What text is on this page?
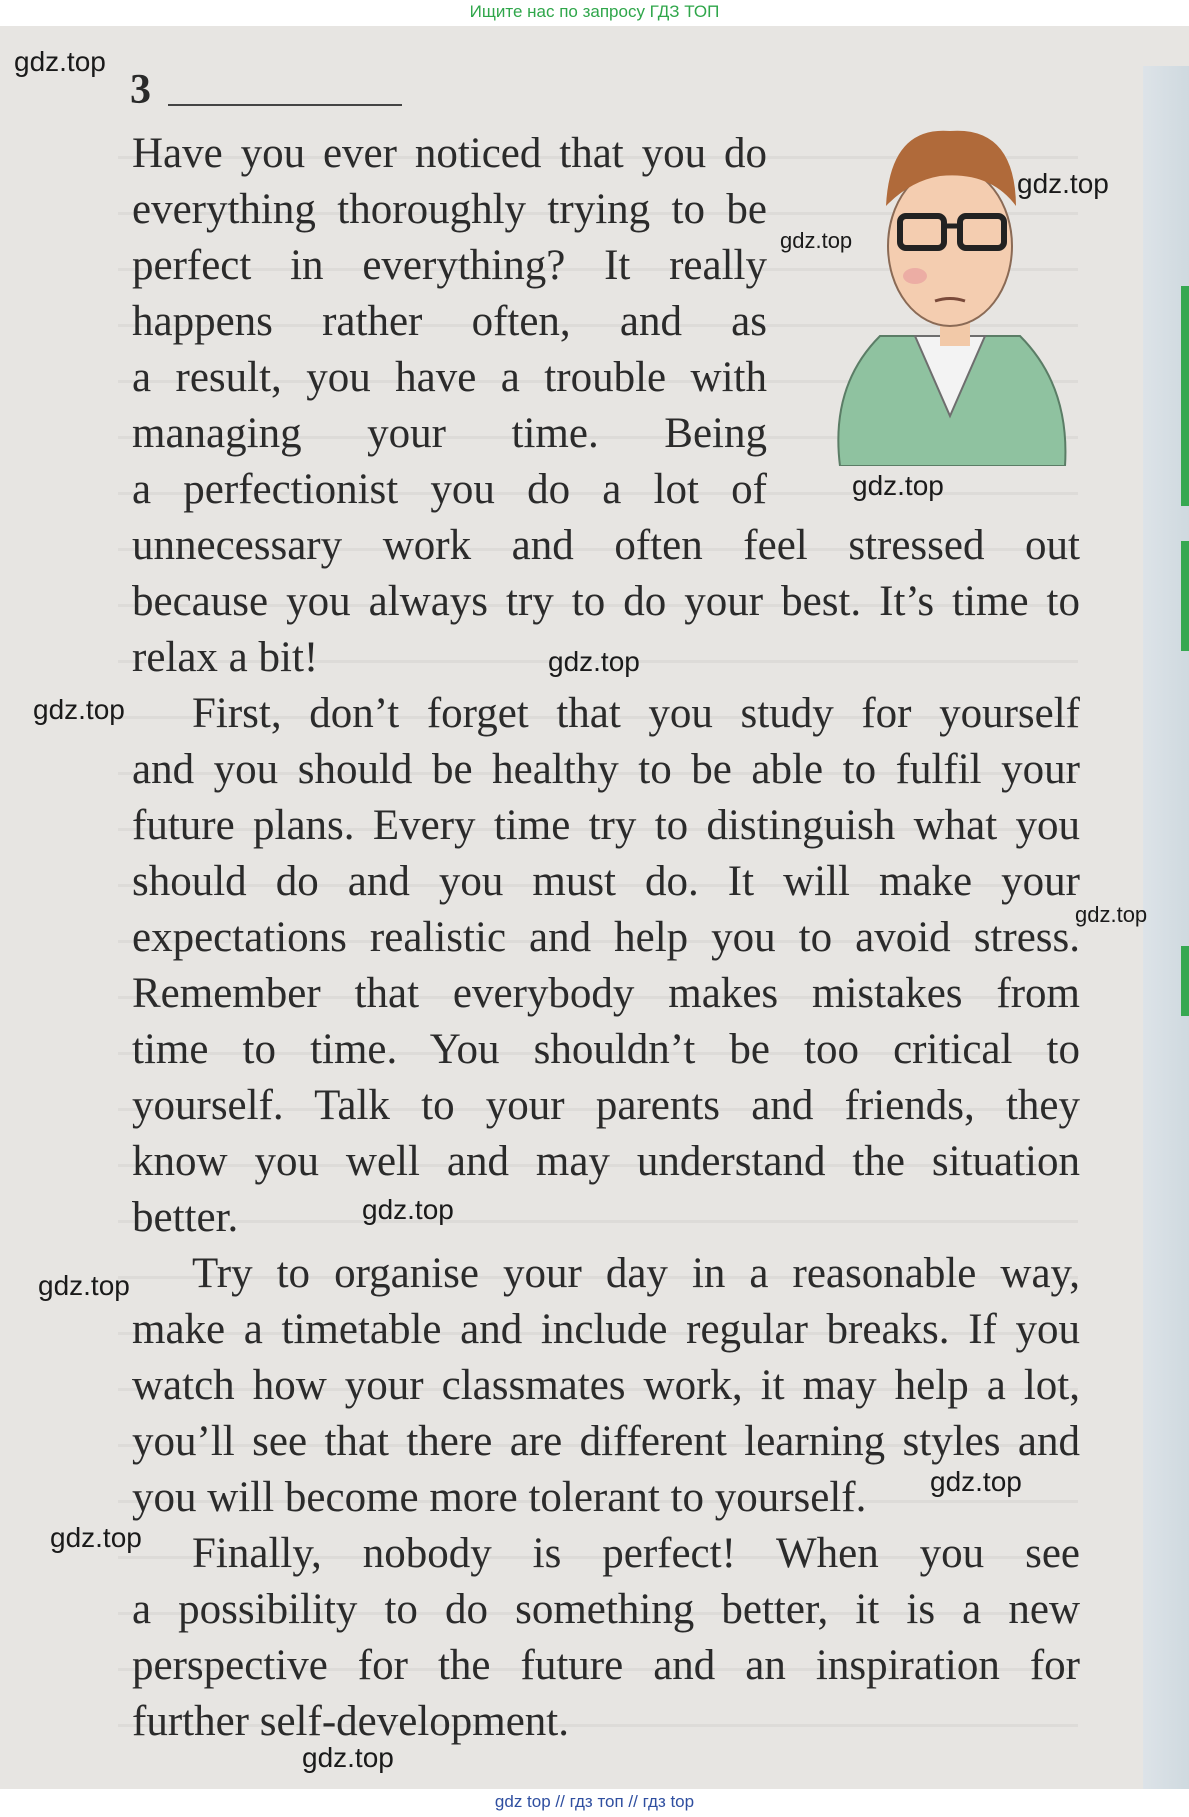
Ищите нас по запросу ГДЗ ТОП
3
Have you ever noticed that you do
everything thoroughly trying to be
perfect in everything? It really
happens rather often, and as
a result, you have a trouble with
managing your time. Being
a perfectionist you do a lot of
unnecessary work and often feel stressed out
because you always try to do your best. It’s time to
relax a bit!
First, don’t forget that you study for yourself
and you should be healthy to be able to fulfil your
future plans. Every time try to distinguish what you
should do and you must do. It will make your
expectations realistic and help you to avoid stress.
Remember that everybody makes mistakes from
time to time. You shouldn’t be too critical to
yourself. Talk to your parents and friends, they
know you well and may understand the situation
better.
Try to organise your day in a reasonable way,
make a timetable and include regular breaks. If you
watch how your classmates work, it may help a lot,
you’ll see that there are different learning styles and
you will become more tolerant to yourself.
Finally, nobody is perfect! When you see
a possibility to do something better, it is a new
perspective for the future and an inspiration for
further self-development.
gdz.top
gdz.top
gdz.top
gdz.top
gdz.top
gdz.top
gdz.top
gdz.top
gdz.top
gdz.top
gdz.top
gdz.top
gdz top // гдз топ // гдз top
